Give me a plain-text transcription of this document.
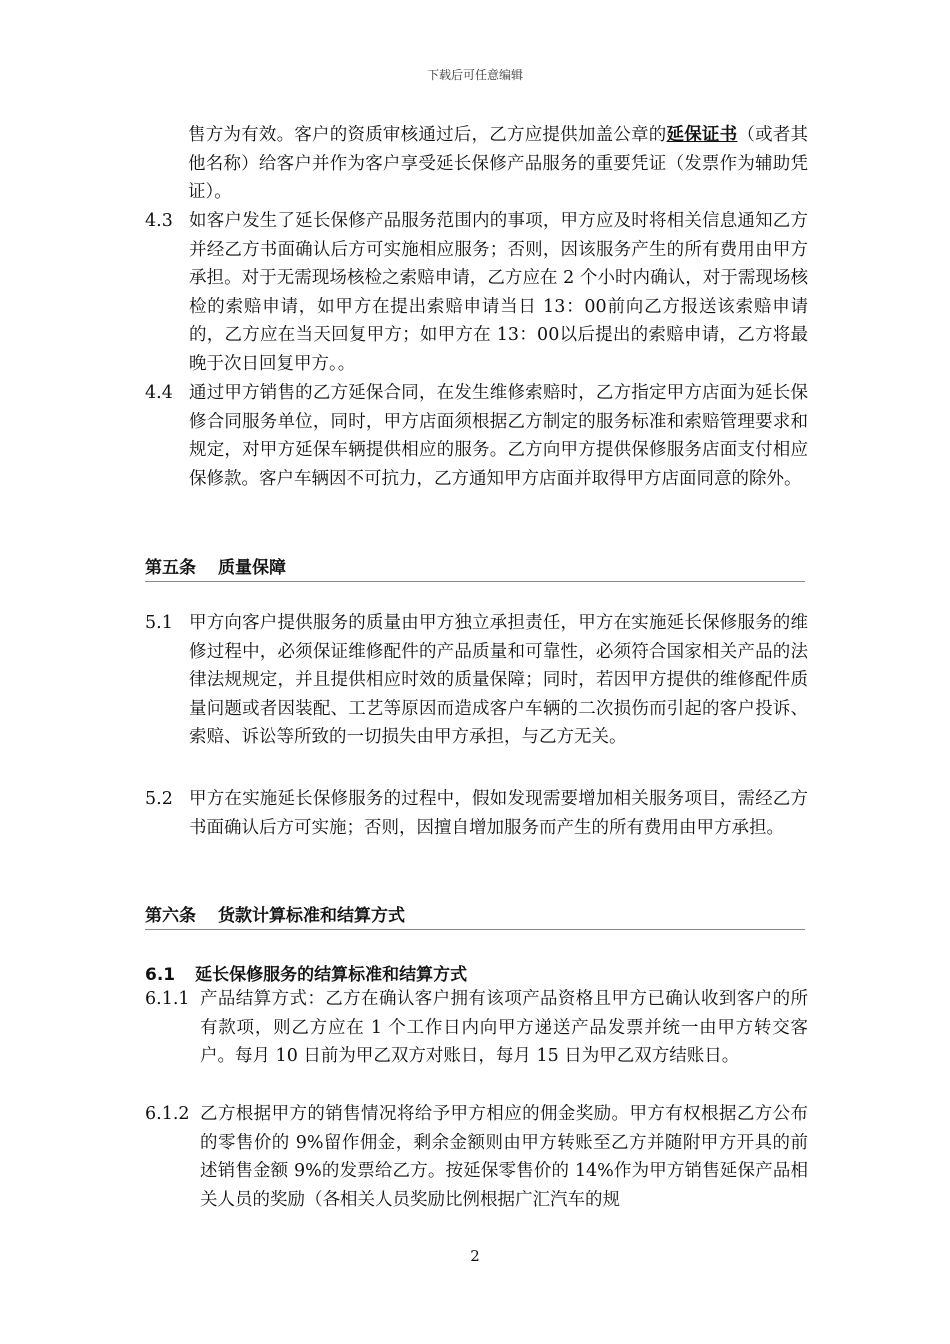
下载后可任意编辑
售方为有效。客户的资质审核通过后，乙方应提供加盖公章的延保证书（或者其他名称）给客户并作为客户享受延长保修产品服务的重要凭证（发票作为辅助凭证）。
4.3 如客户发生了延长保修产品服务范围内的事项，甲方应及时将相关信息通知乙方并经乙方书面确认后方可实施相应服务；否则，因该服务产生的所有费用由甲方承担。对于无需现场核检之索赔申请，乙方应在 2 个小时内确认，对于需现场核检的索赔申请，如甲方在提出索赔申请当日 13：00前向乙方报送该索赔申请的，乙方应在当天回复甲方；如甲方在 13：00以后提出的索赔申请，乙方将最晚于次日回复甲方。。
4.4 通过甲方销售的乙方延保合同，在发生维修索赔时，乙方指定甲方店面为延长保修合同服务单位，同时，甲方店面须根据乙方制定的服务标准和索赔管理要求和规定，对甲方延保车辆提供相应的服务。乙方向甲方提供保修服务店面支付相应保修款。客户车辆因不可抗力，乙方通知甲方店面并取得甲方店面同意的除外。
第五条 质量保障
5.1 甲方向客户提供服务的质量由甲方独立承担责任，甲方在实施延长保修服务的维修过程中，必须保证维修配件的产品质量和可靠性，必须符合国家相关产品的法律法规规定，并且提供相应时效的质量保障；同时，若因甲方提供的维修配件质量问题或者因装配、工艺等原因而造成客户车辆的二次损伤而引起的客户投诉、索赔、诉讼等所致的一切损失由甲方承担，与乙方无关。
5.2 甲方在实施延长保修服务的过程中，假如发现需要增加相关服务项目，需经乙方书面确认后方可实施；否则，因擅自增加服务而产生的所有费用由甲方承担。
第六条 货款计算标准和结算方式
6.1 延长保修服务的结算标准和结算方式
6.1.1 产品结算方式：乙方在确认客户拥有该项产品资格且甲方已确认收到客户的所有款项，则乙方应在 1 个工作日内向甲方递送产品发票并统一由甲方转交客户。每月 10 日前为甲乙双方对账日，每月 15 日为甲乙双方结账日。
6.1.2 乙方根据甲方的销售情况将给予甲方相应的佣金奖励。甲方有权根据乙方公布的零售价的 9%留作佣金，剩余金额则由甲方转账至乙方并随附甲方开具的前述销售金额 9%的发票给乙方。按延保零售价的 14%作为甲方销售延保产品相关人员的奖励（各相关人员奖励比例根据广汇汽车的规
2
